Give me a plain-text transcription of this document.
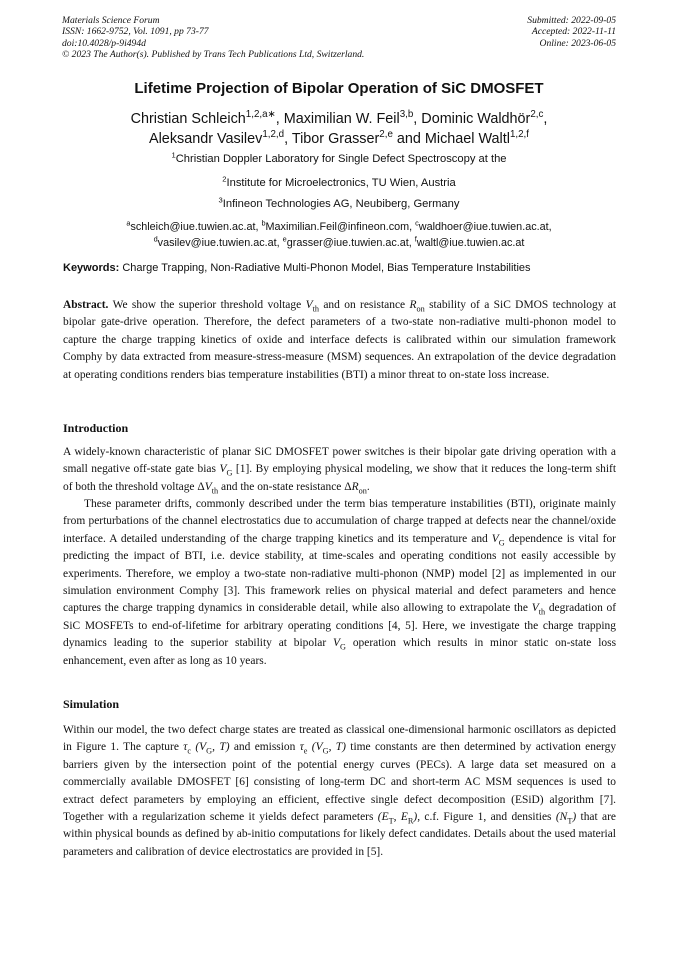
Materials Science Forum
ISSN: 1662-9752, Vol. 1091, pp 73-77
doi:10.4028/p-9i494d
© 2023 The Author(s). Published by Trans Tech Publications Ltd, Switzerland.
Submitted: 2022-09-05
Accepted: 2022-11-11
Online: 2023-06-05
Lifetime Projection of Bipolar Operation of SiC DMOSFET
Christian Schleich$^{1,2,a∗}$, Maximilian W. Feil$^{3,b}$, Dominic Waldhör$^{2,c}$,
Aleksandr Vasilev$^{1,2,d}$, Tibor Grasser$^{2,e}$ and Michael Waltl$^{1,2,f}$
$^1$Christian Doppler Laboratory for Single Defect Spectroscopy at the
$^2$Institute for Microelectronics, TU Wien, Austria
$^3$Infineon Technologies AG, Neubiberg, Germany
$^a$schleich@iue.tuwien.ac.at, $^b$Maximilian.Feil@infineon.com, $^c$waldhoer@iue.tuwien.ac.at,
$^d$vasilev@iue.tuwien.ac.at, $^e$grasser@iue.tuwien.ac.at, $^f$waltl@iue.tuwien.ac.at
Keywords: Charge Trapping, Non-Radiative Multi-Phonon Model, Bias Temperature Instabilities
Abstract. We show the superior threshold voltage $V_{th}$ and on resistance $R_{on}$ stability of a SiC DMOS technology at bipolar gate-drive operation. Therefore, the defect parameters of a two-state non-radiative multi-phonon model to capture the charge trapping kinetics of oxide and interface defects is calibrated within our simulation framework Comphy by data extracted from measure-stress-measure (MSM) sequences. An extrapolation of the device degradation at operating conditions renders bias temperature instabilities (BTI) a minor threat to on-state loss increase.
Introduction
A widely-known characteristic of planar SiC DMOSFET power switches is their bipolar gate driving operation with a small negative off-state gate bias $V_G$ [1]. By employing physical modeling, we show that it reduces the long-term shift of both the threshold voltage $\Delta V_{th}$ and the on-state resistance $\Delta R_{on}$.
These parameter drifts, commonly described under the term bias temperature instabilities (BTI), originate mainly from perturbations of the channel electrostatics due to accumulation of charge trapped at defects near the channel/oxide interface. A detailed understanding of the charge trapping kinetics and its temperature and $V_G$ dependence is vital for predicting the impact of BTI, i.e. device stability, at time-scales and operating conditions not easily accessible by experiments. Therefore, we employ a two-state non-radiative multi-phonon (NMP) model [2] as implemented in our simulation environment Comphy [3]. This framework relies on physical material and defect parameters and hence captures the charge trapping dynamics in considerable detail, while also allowing to extrapolate the $V_{th}$ degradation of SiC MOSFETs to end-of-lifetime for arbitrary operating conditions [4, 5]. Here, we investigate the charge trapping dynamics leading to the superior stability at bipolar $V_G$ operation which results in minor static on-state loss enhancement, even after as long as 10 years.
Simulation
Within our model, the two defect charge states are treated as classical one-dimensional harmonic oscillators as depicted in Figure 1. The capture $\tau_c$ ($V_G$, T) and emission $\tau_e$ ($V_G$, T) time constants are then determined by activation energy barriers given by the intersection point of the potential energy curves (PECs). A large data set measured on a commercially available DMOSFET [6] consisting of long-term DC and short-term AC MSM sequences is used to extract defect parameters by employing an efficient, effective single defect decomposition (ESiD) algorithm [7]. Together with a regularization scheme it yields defect parameters ($E_T$, $E_R$), c.f. Figure 1, and densities $(N_T)$ that are within physical bounds as defined by ab-initio computations for likely defect candidates. Details about the used material parameters and calibration of device electrostatics are provided in [5].
